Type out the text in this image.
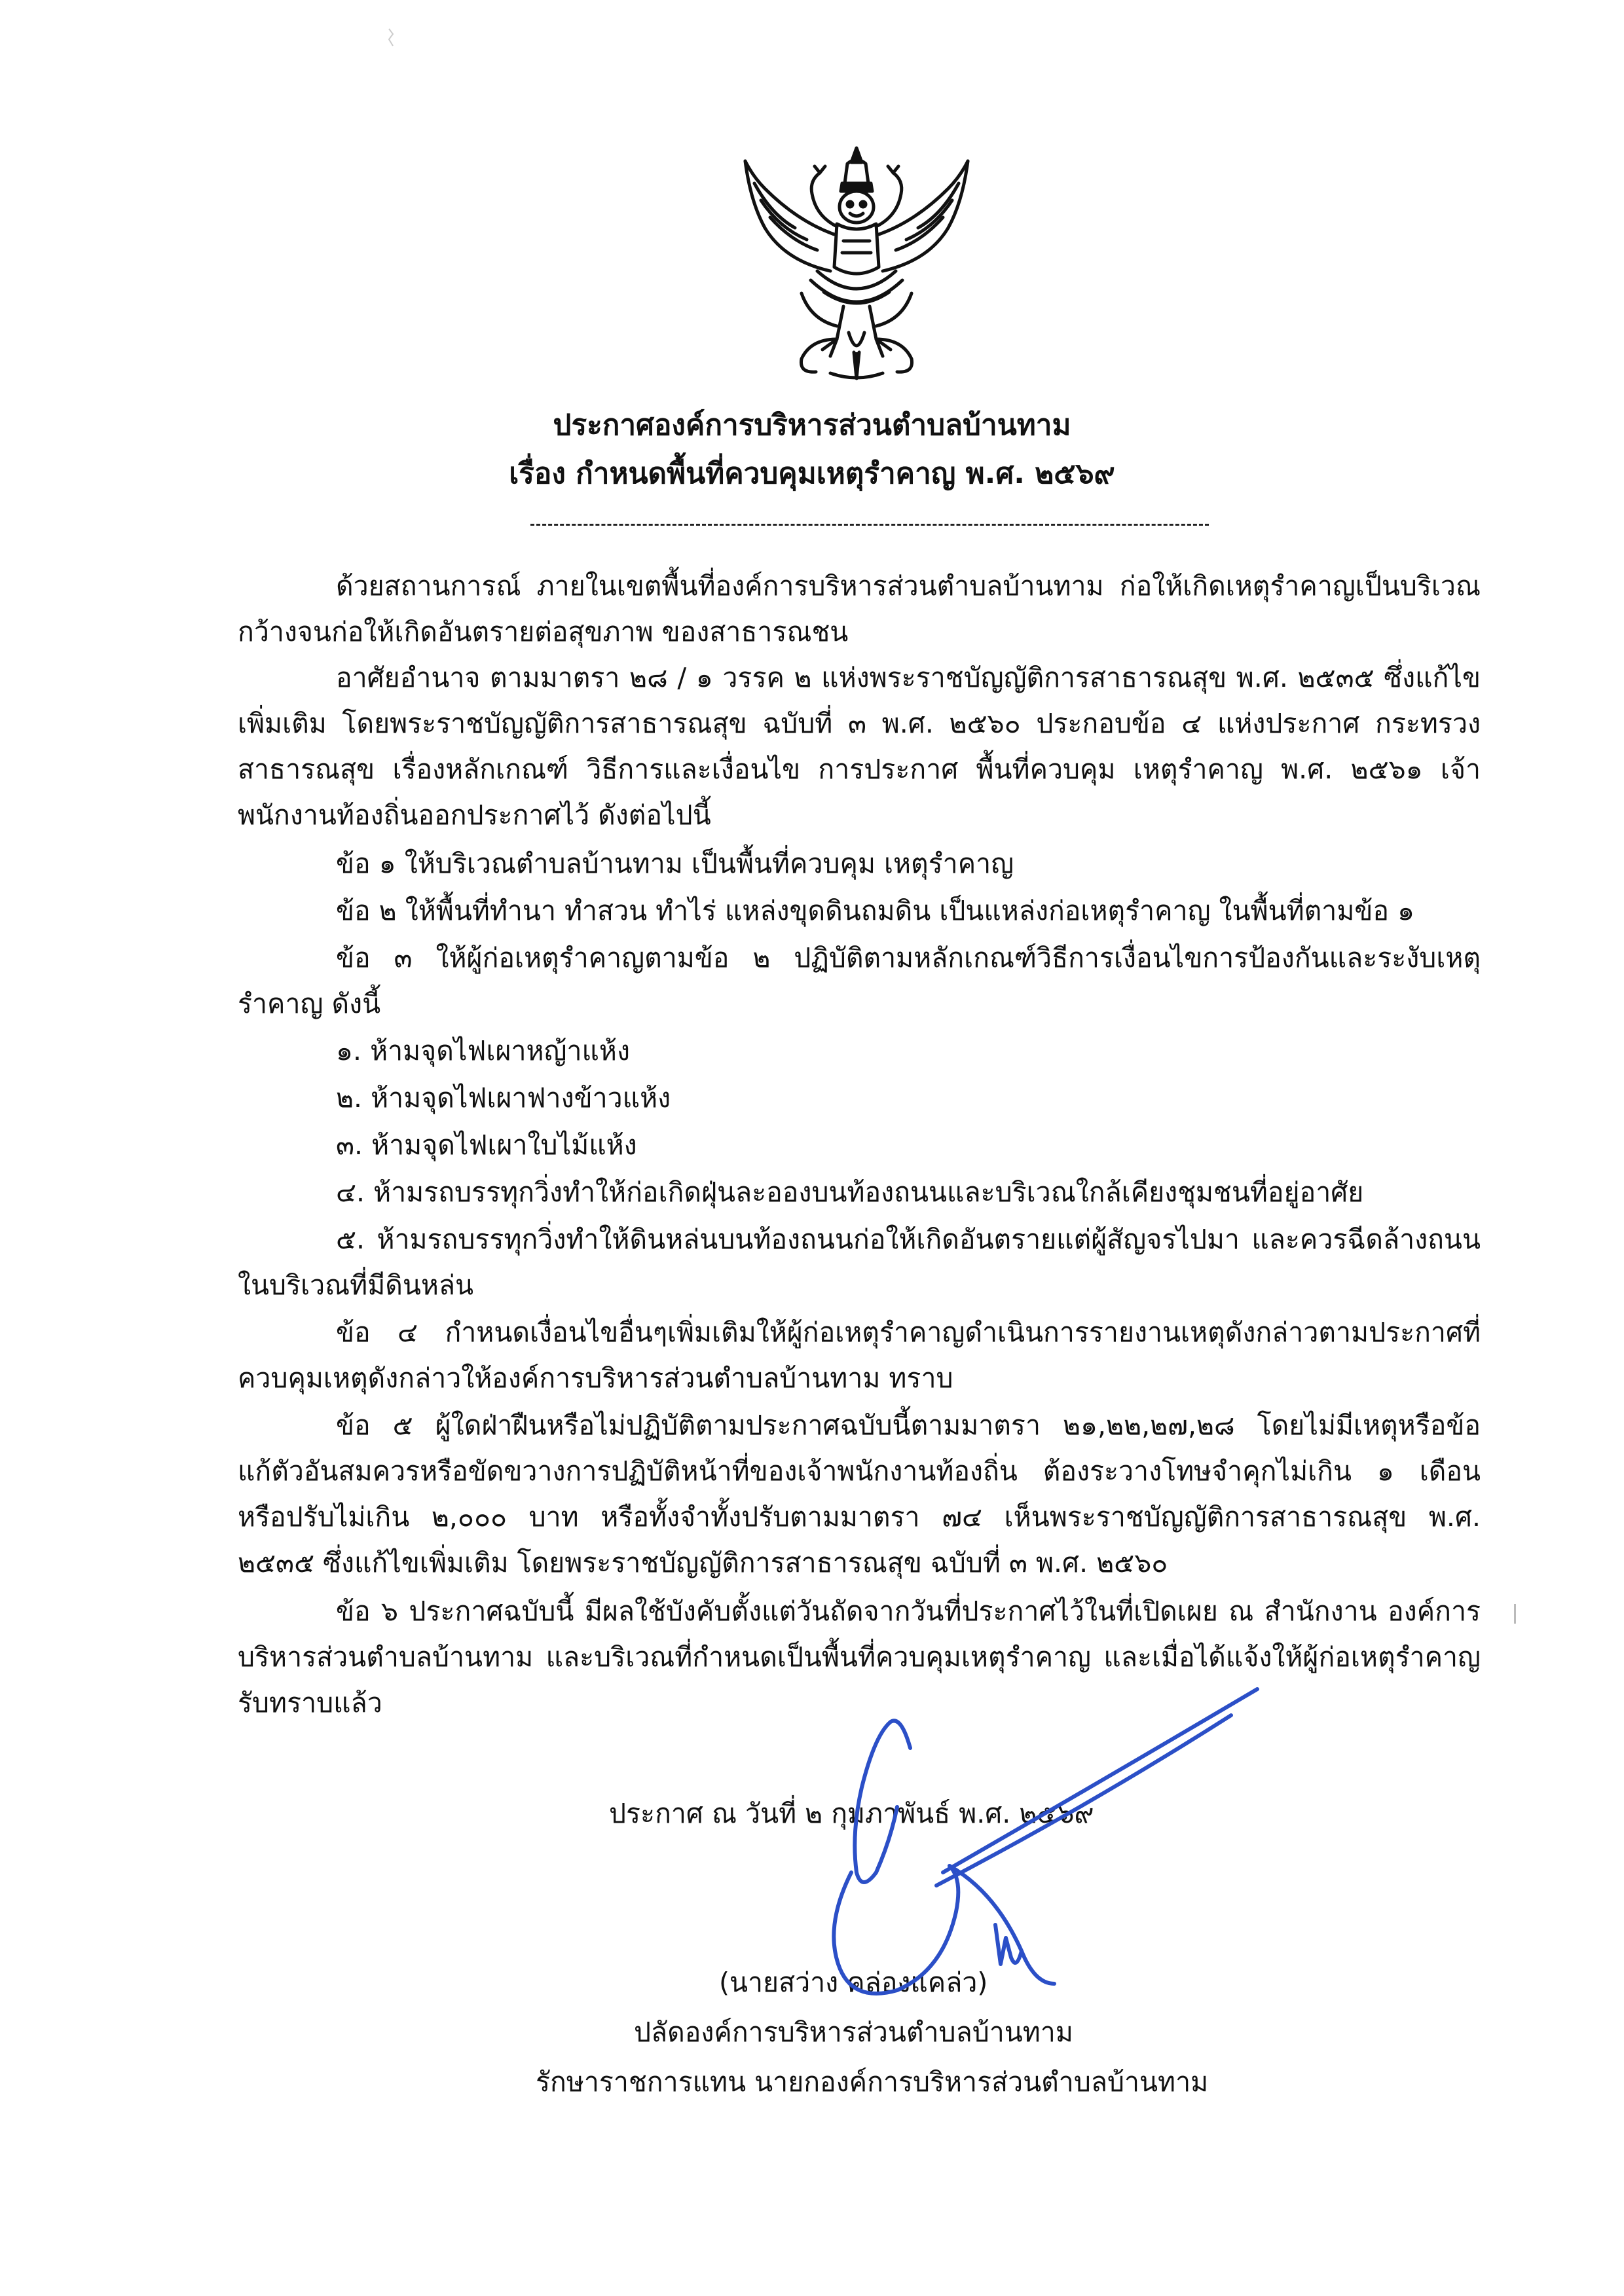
ประกาศองค์การบริหารส่วนตำบลบ้านทาม
เรื่อง กำหนดพื้นที่ควบคุมเหตุรำคาญ พ.ศ. ๒๕๖๙
ด้วยสถานการณ์ ภายในเขตพื้นที่องค์การบริหารส่วนตำบลบ้านทาม ก่อให้เกิดเหตุรำคาญเป็นบริเวณกว้างจนก่อให้เกิดอันตรายต่อสุขภาพ ของสาธารณชน
อาศัยอำนาจ ตามมาตรา ๒๘ / ๑ วรรค ๒ แห่งพระราชบัญญัติการสาธารณสุข พ.ศ. ๒๕๓๕ ซึ่งแก้ไขเพิ่มเติม โดยพระราชบัญญัติการสาธารณสุข ฉบับที่ ๓ พ.ศ. ๒๕๖๐ ประกอบข้อ ๔ แห่งประกาศ กระทรวงสาธารณสุข เรื่องหลักเกณฑ์ วิธีการและเงื่อนไข การประกาศ พื้นที่ควบคุม เหตุรำคาญ พ.ศ. ๒๕๖๑ เจ้าพนักงานท้องถิ่นออกประกาศไว้ ดังต่อไปนี้
ข้อ ๑ ให้บริเวณตำบลบ้านทาม เป็นพื้นที่ควบคุม เหตุรำคาญ
ข้อ ๒ ให้พื้นที่ทำนา ทำสวน ทำไร่ แหล่งขุดดินถมดิน เป็นแหล่งก่อเหตุรำคาญ ในพื้นที่ตามข้อ ๑
ข้อ ๓ ให้ผู้ก่อเหตุรำคาญตามข้อ ๒ ปฏิบัติตามหลักเกณฑ์วิธีการเงื่อนไขการป้องกันและระงับเหตุรำคาญ ดังนี้
๑. ห้ามจุดไฟเผาหญ้าแห้ง
๒. ห้ามจุดไฟเผาฟางข้าวแห้ง
๓. ห้ามจุดไฟเผาใบไม้แห้ง
๔. ห้ามรถบรรทุกวิ่งทำให้ก่อเกิดฝุ่นละอองบนท้องถนนและบริเวณใกล้เคียงชุมชนที่อยู่อาศัย
๕. ห้ามรถบรรทุกวิ่งทำให้ดินหล่นบนท้องถนนก่อให้เกิดอันตรายแต่ผู้สัญจรไปมา และควรฉีดล้างถนนในบริเวณที่มีดินหล่น
ข้อ ๔ กำหนดเงื่อนไขอื่นๆเพิ่มเติมให้ผู้ก่อเหตุรำคาญดำเนินการรายงานเหตุดังกล่าวตามประกาศที่ควบคุมเหตุดังกล่าวให้องค์การบริหารส่วนตำบลบ้านทาม ทราบ
ข้อ ๕ ผู้ใดฝ่าฝืนหรือไม่ปฏิบัติตามประกาศฉบับนี้ตามมาตรา ๒๑,๒๒,๒๗,๒๘ โดยไม่มีเหตุหรือข้อแก้ตัวอันสมควรหรือขัดขวางการปฏิบัติหน้าที่ของเจ้าพนักงานท้องถิ่น ต้องระวางโทษจำคุกไม่เกิน ๑ เดือน หรือปรับไม่เกิน ๒,๐๐๐ บาท หรือทั้งจำทั้งปรับตามมาตรา ๗๔ เห็นพระราชบัญญัติการสาธารณสุข พ.ศ. ๒๕๓๕ ซึ่งแก้ไขเพิ่มเติม โดยพระราชบัญญัติการสาธารณสุข ฉบับที่ ๓ พ.ศ. ๒๕๖๐
ข้อ ๖ ประกาศฉบับนี้ มีผลใช้บังคับตั้งแต่วันถัดจากวันที่ประกาศไว้ในที่เปิดเผย ณ สำนักงาน องค์การบริหารส่วนตำบลบ้านทาม และบริเวณที่กำหนดเป็นพื้นที่ควบคุมเหตุรำคาญ และเมื่อได้แจ้งให้ผู้ก่อเหตุรำคาญรับทราบแล้ว
ประกาศ ณ วันที่ ๒ กุมภาพันธ์ พ.ศ. ๒๕๖๙
(นายสว่าง คล่องแคล่ว)
ปลัดองค์การบริหารส่วนตำบลบ้านทาม
รักษาราชการแทน นายกองค์การบริหารส่วนตำบลบ้านทาม
